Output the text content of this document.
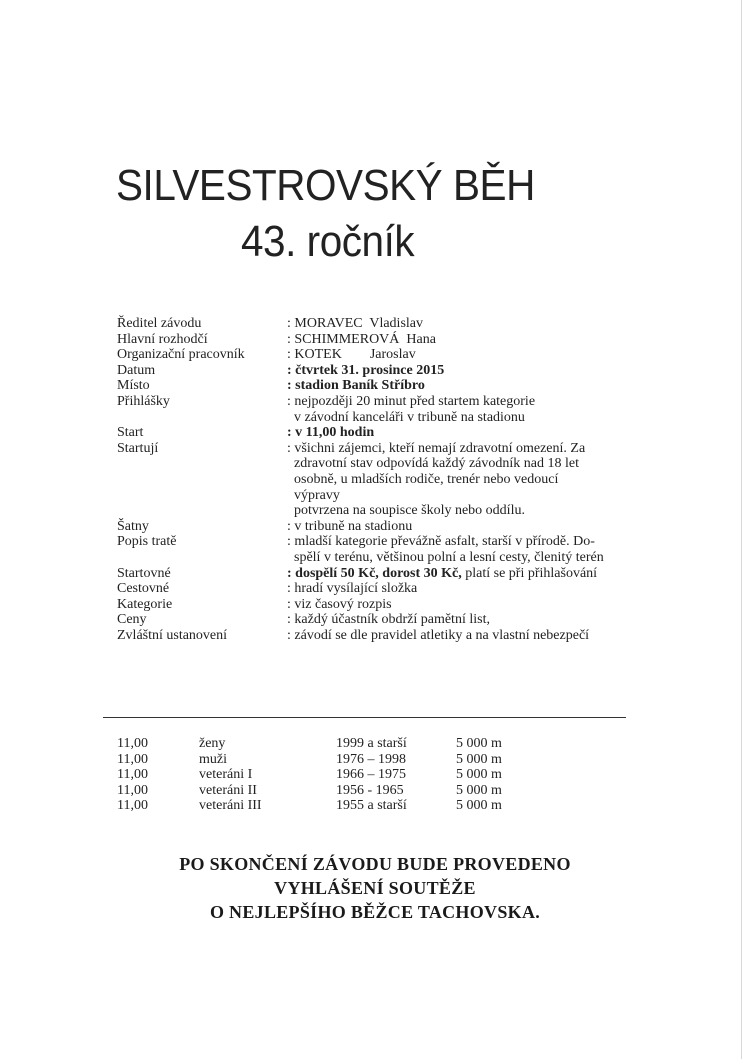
SILVESTROVSKÝ BĚH
43. ročník
Ředitel závodu	: MORAVEC  Vladislav
Hlavní rozhodčí	: SCHIMMEROVÁ  Hana
Organizační pracovník	: KOTEK        Jaroslav
Datum	: čtvrtek 31. prosince 2015
Místo	: stadion Baník Stříbro
Přihlášky	: nejpozději 20 minut před startem kategorie
v závodní kanceláři v tribuně na stadionu
Start	: v 11,00 hodin
Startují	: všichni zájemci, kteří nemají zdravotní omezení. Za
zdravotní stav odpovídá každý závodník nad 18 let
osobně, u mladších rodiče, trenér nebo vedoucí
výpravy
potvrzena na soupisce školy nebo oddílu.
Šatny	: v tribuně na stadionu
Popis tratě	: mladší kategorie převážně asfalt, starší v přírodě. Do-
spělí v terénu, většinou polní a lesní cesty, členitý terén
Startovné	: dospělí 50 Kč, dorost 30 Kč, platí se při přihlašování
Cestovné	: hradí vysílající složka
Kategorie	: viz časový rozpis
Ceny	: každý účastník obdrží pamětní list,
Zvláštní ustanovení	: závodí se dle pravidel atletiky a na vlastní nebezpečí
11,00	ženy	1999 a starší	5 000 m
11,00	muži	1976 – 1998	5 000 m
11,00	veteráni I	1966 – 1975	5 000 m
11,00	veteráni II	1956 - 1965	5 000 m
11,00	veteráni III	1955 a starší	5 000 m
PO SKONČENÍ ZÁVODU BUDE PROVEDENO
VYHLÁŠENÍ SOUTĚŽE
O NEJLEPŠÍHO BĚŽCE TACHOVSKA.
